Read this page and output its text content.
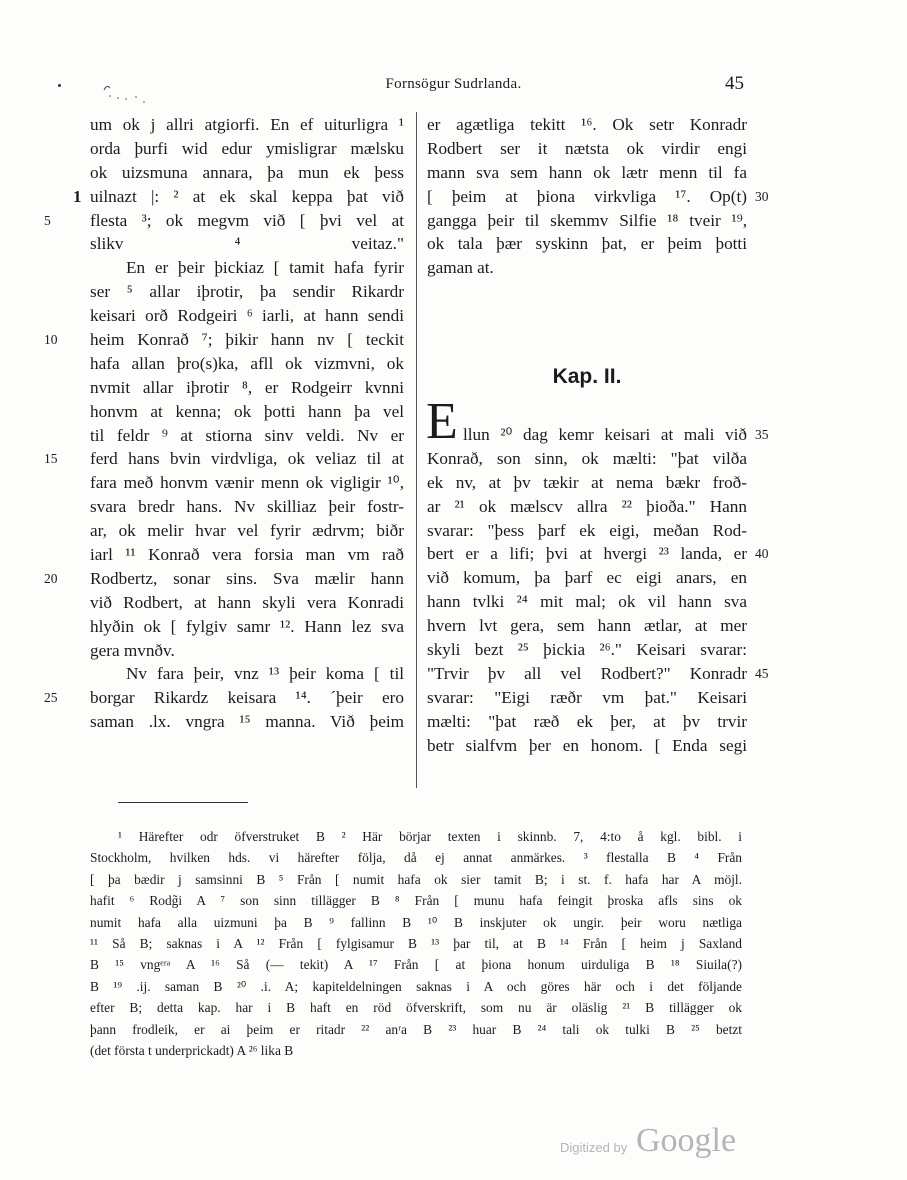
Fornsögur Sudrlanda.	45
um ok j allri atgiorfi. En ef uiturligra ¹
orda þurfi wid edur ymisligrar mælsku
ok uizsmuna annara, þa mun ek þess
uilnazt |: ² at ek skal keppa þat við
1
flesta ³; ok megvm við [ þvi vel at
5
slikv ⁴ veitaz."
En er þeir þickiaz [ tamit hafa fyrir
ser ⁵ allar iþrotir, þa sendir Rikardr
keisari orð Rodgeiri ⁶ iarli, at hann sendi
heim Konrað ⁷; þikir hann nv [ teckit
10
hafa allan þro(s)ka, afll ok vizmvni, ok
nvmit allar iþrotir ⁸, er Rodgeirr kvnni
honvm at kenna; ok þotti hann þa vel
til feldr ⁹ at stiorna sinv veldi. Nv er
ferd hans bvin virdvliga, ok veliaz til at
15
fara með honvm vænir menn ok vigligir ¹⁰,
svara bredr hans. Nv skilliaz þeir fostr-
ar, ok melir hvar vel fyrir ædrvm; biðr
iarl ¹¹ Konrað vera forsia man vm rað
Rodbertz, sonar sins. Sva mælir hann
20
við Rodbert, at hann skyli vera Konradi
hlyðin ok [ fylgiv samr ¹². Hann lez sva
gera mvnðv.
Nv fara þeir, vnz ¹³ þeir koma [ til
borgar Rikardz keisara ¹⁴. ´þeir ero
25
saman .lx. vngra ¹⁵ manna. Við þeim
er agætliga tekitt ¹⁶. Ok setr Konradr
Rodbert ser it nætsta ok virdir engi
mann sva sem hann ok lætr menn til fa
[ þeim at þiona virkvliga ¹⁷. Op(t) 30
gangga þeir til skemmv Silfie ¹⁸ tveir ¹⁹,
ok tala þær syskinn þat, er þeim þotti
gaman at.
Kap. II.
E llun ²⁰ dag kemr keisari at mali við 35
Konrað, son sinn, ok mælti: "þat vilða
ek nv, at þv tækir at nema bækr froð-
ar ²¹ ok mælscv allra ²² þioða." Hann
svarar: "þess þarf ek eigi, meðan Rod-
bert er a lifi; þvi at hvergi ²³ landa, er 40
við komum, þa þarf ec eigi anars, en
hann tvlki ²⁴ mit mal; ok vil hann sva
hvern lvt gera, sem hann ætlar, at mer
skyli bezt ²⁵ þickia ²⁶." Keisari svarar:
"Trvir þv all vel Rodbert?" Konradr 45
svarar: "Eigi ræðr vm þat." Keisari
mælti: "þat ræð ek þer, at þv trvir
betr sialfvm þer en honom. [ Enda segi
¹ Härefter odr öfverstruket B ² Här börjar texten i skinnb. 7, 4:to å kgl. bibl. i
Stockholm, hvilken hds. vi härefter följa, då ej annat anmärkes. ³ flestalla B ⁴ Från
[ þa bædir j samsinni B ⁵ Från [ numit hafa ok sier tamit B; i st. f. hafa har A möjl.
hafit ⁶ Rodg̃i A ⁷ son sinn tillägger B ⁸ Från [ munu hafa feingit þroska afls sins ok
numit hafa alla uizmuni þa B ⁹ fallinn B ¹⁰ B inskjuter ok ungir. þeir woru nætliga
¹¹ Så B; saknas i A ¹² Från [ fylgisamur B ¹³ þar til, at B ¹⁴ Från [ heim j Saxland
B ¹⁵ vngᵉʳᵃ A ¹⁶ Så (— tekit) A ¹⁷ Från [ at þiona honum uirduliga B ¹⁸ Siuila(?)
B ¹⁹ .ij. saman B ²⁰ .i. A; kapiteldelningen saknas i A och göres här och i det följande
efter B; detta kap. har i B haft en röd öfverskrift, som nu är oläslig ²¹ B tillägger ok
þann frodleik, er ai þeim er ritadr ²² anʳa B ²³ huar B ²⁴ tali ok tulki B ²⁵ betzt
(det första t underprickadt) A ²⁶ lika B
Digitized by Google
